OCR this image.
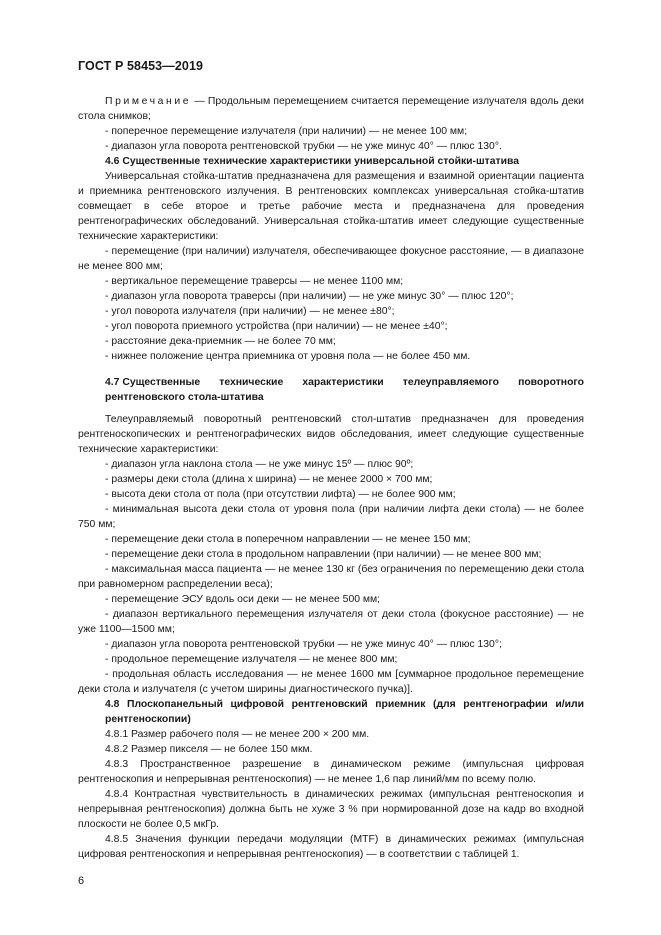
ГОСТ Р 58453—2019

Примечание — Продольным перемещением считается перемещение излучателя вдоль деки стола снимков;

- поперечное перемещение излучателя (при наличии) — не менее 100 мм;

- диапазон угла поворота рентгеновской трубки — не уже минус 40° — плюс 130°.

4.6 Существенные технические характеристики универсальной стойки-штатива

Универсальная стойка-штатив предназначена для размещения и взаимной ориентации пациента и приемника рентгеновского излучения. В рентгеновских комплексах универсальная стойка-штатив совмещает в себе второе и третье рабочие места и предназначена для проведения рентгенографических обследований. Универсальная стойка-штатив имеет следующие существенные технические характеристики:

- перемещение (при наличии) излучателя, обеспечивающее фокусное расстояние, — в диапазоне не менее 800 мм;

- вертикальное перемещение траверсы — не менее 1100 мм;

- диапазон угла поворота траверсы (при наличии) — не уже минус 30° — плюс 120°;

- угол поворота излучателя (при наличии) — не менее ±80°;

- угол поворота приемного устройства (при наличии) — не менее ±40°;

- расстояние дека-приемник — не более 70 мм;

- нижнее положение центра приемника от уровня пола — не более 450 мм.

4.7 Существенные технические характеристики телеуправляемого поворотного
рентгеновского стола-штатива

Телеуправляемый поворотный рентгеновский стол-штатив предназначен для проведения рентгеноскопических и рентгенографических видов обследования, имеет следующие существенные технические характеристики:

- диапазон угла наклона стола — не уже минус 15º — плюс 90º;

- размеры деки стола (длина х ширина) — не менее 2000 × 700 мм;

- высота деки стола от пола (при отсутствии лифта) — не более 900 мм;

- минимальная высота деки стола от уровня пола (при наличии лифта деки стола) — не более 750 мм;

- перемещение деки стола в поперечном направлении — не менее 150 мм;

- перемещение деки стола в продольном направлении (при наличии) — не менее 800 мм;

- максимальная масса пациента — не менее 130 кг (без ограничения по перемещению деки стола при равномерном распределении веса);

- перемещение ЭСУ вдоль оси деки — не менее 500 мм;

- диапазон вертикального перемещения излучателя от деки стола (фокусное расстояние) — не уже 1100—1500 мм;

- диапазон угла поворота рентгеновской трубки — не уже минус 40° — плюс 130°;

- продольное перемещение излучателя — не менее 800 мм;

- продольная область исследования — не менее 1600 мм [суммарное продольное перемещение деки стола и излучателя (с учетом ширины диагностического пучка)].

4.8 Плоскопанельный цифровой рентгеновский приемник (для рентгенографии и/или рентгеноскопии)

4.8.1 Размер рабочего поля — не менее 200 × 200 мм.

4.8.2 Размер пикселя — не более 150 мкм.

4.8.3 Пространственное разрешение в динамическом режиме (импульсная цифровая рентгеноскопия и непрерывная рентгеноскопия) — не менее 1,6 пар линий/мм по всему полю.

4.8.4 Контрастная чувствительность в динамических режимах (импульсная рентгеноскопия и непрерывная рентгеноскопия) должна быть не хуже 3 % при нормированной дозе на кадр во входной плоскости не более 0,5 мкГр.

4.8.5 Значения функции передачи модуляции (MTF) в динамических режимах (импульсная цифровая рентгеноскопия и непрерывная рентгеноскопия) — в соответствии с таблицей 1.

6
